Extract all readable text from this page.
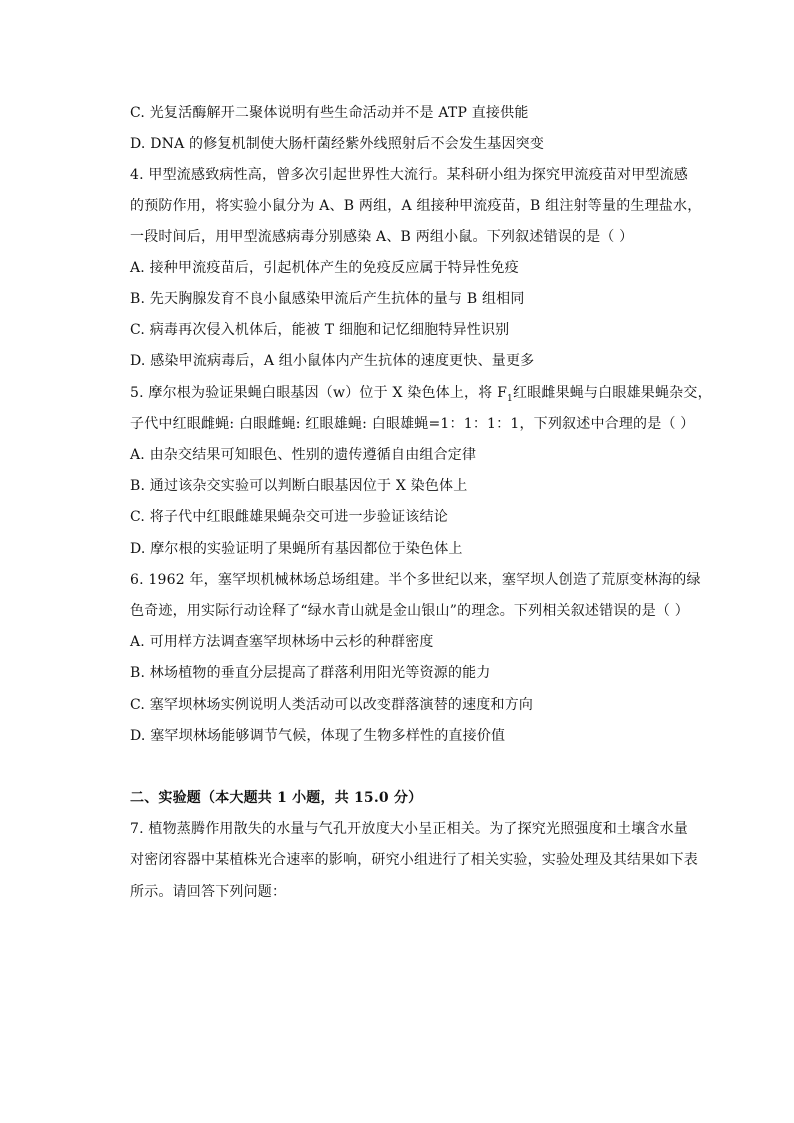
C. 光复活酶解开二聚体说明有些生命活动并不是 ATP 直接供能
D. DNA 的修复机制使大肠杆菌经紫外线照射后不会发生基因突变
4. 甲型流感致病性高，曾多次引起世界性大流行。某科研小组为探究甲流疫苗对甲型流感
的预防作用，将实验小鼠分为 A、B 两组，A 组接种甲流疫苗，B 组注射等量的生理盐水，
一段时间后，用甲型流感病毒分别感染 A、B 两组小鼠。下列叙述错误的是（ ）
A. 接种甲流疫苗后，引起机体产生的免疫反应属于特异性免疫
B. 先天胸腺发育不良小鼠感染甲流后产生抗体的量与 B 组相同
C. 病毒再次侵入机体后，能被 T 细胞和记忆细胞特异性识别
D. 感染甲流病毒后，A 组小鼠体内产生抗体的速度更快、量更多
5. 摩尔根为验证果蝇白眼基因（w）位于 X 染色体上，将 $F_1$红眼雌果蝇与白眼雄果蝇杂交，
子代中红眼雌蝇: 白眼雌蝇: 红眼雄蝇: 白眼雄蝇=1：1：1：1，下列叙述中合理的是（ ）
A. 由杂交结果可知眼色、性别的遗传遵循自由组合定律
B. 通过该杂交实验可以判断白眼基因位于 X 染色体上
C. 将子代中红眼雌雄果蝇杂交可进一步验证该结论
D. 摩尔根的实验证明了果蝇所有基因都位于染色体上
6. 1962 年，塞罕坝机械林场总场组建。半个多世纪以来，塞罕坝人创造了荒原变林海的绿
色奇迹，用实际行动诠释了“绿水青山就是金山银山”的理念。下列相关叙述错误的是（ ）
A. 可用样方法调查塞罕坝林场中云杉的种群密度
B. 林场植物的垂直分层提高了群落利用阳光等资源的能力
C. 塞罕坝林场实例说明人类活动可以改变群落演替的速度和方向
D. 塞罕坝林场能够调节气候，体现了生物多样性的直接价值
二、实验题（本大题共 1 小题，共 15.0 分）
7. 植物蒸腾作用散失的水量与气孔开放度大小呈正相关。为了探究光照强度和土壤含水量
对密闭容器中某植株光合速率的影响，研究小组进行了相关实验，实验处理及其结果如下表
所示。请回答下列问题：
